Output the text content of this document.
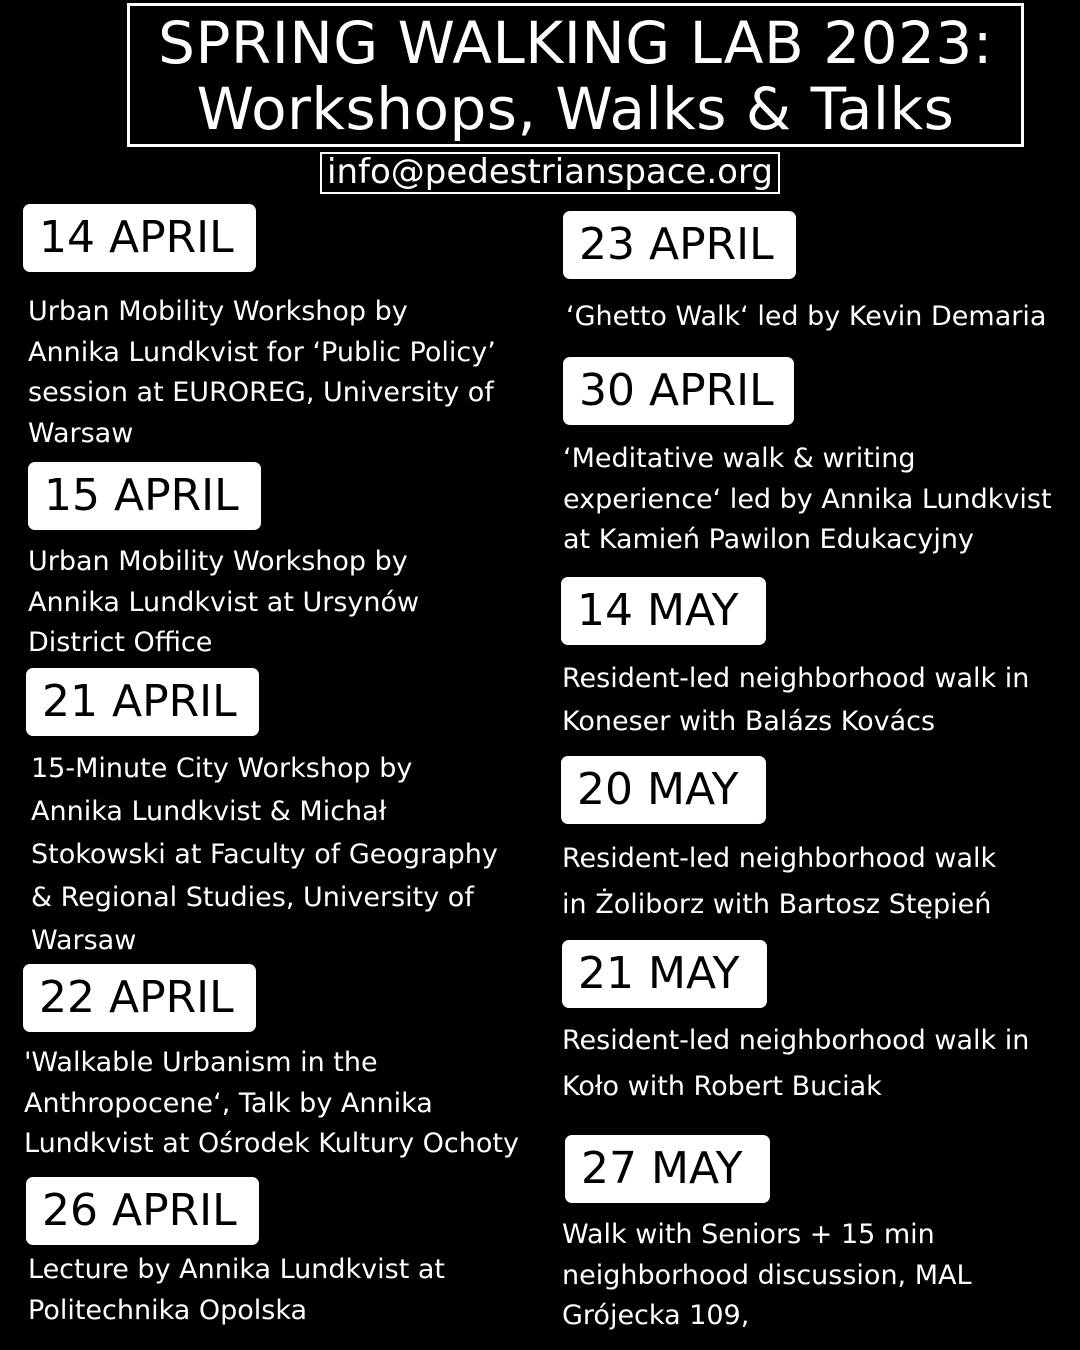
SPRING WALKING LAB 2023:
Workshops, Walks & Talks
info@pedestrianspace.org
14 APRIL
Urban Mobility Workshop by
Annika Lundkvist for ‘Public Policy’
session at EUROREG, University of
Warsaw
15 APRIL
Urban Mobility Workshop by
Annika Lundkvist at Ursynów
District Office
21 APRIL
15-Minute City Workshop by
Annika Lundkvist & Michał
Stokowski at Faculty of Geography
& Regional Studies, University of
Warsaw
22 APRIL
'Walkable Urbanism in the
Anthropocene‘, Talk by Annika
Lundkvist at Ośrodek Kultury Ochoty
26 APRIL
Lecture by Annika Lundkvist at
Politechnika Opolska
23 APRIL
‘Ghetto Walk‘ led by Kevin Demaria
30 APRIL
‘Meditative walk & writing
experience‘ led by Annika Lundkvist
at Kamień Pawilon Edukacyjny
14 MAY
Resident-led neighborhood walk in
Koneser with Balázs Kovács
20 MAY
Resident-led neighborhood walk
in Żoliborz with Bartosz Stępień
21 MAY
Resident-led neighborhood walk in
Koło with Robert Buciak
27 MAY
Walk with Seniors + 15 min
neighborhood discussion, MAL
Grójecka 109,
